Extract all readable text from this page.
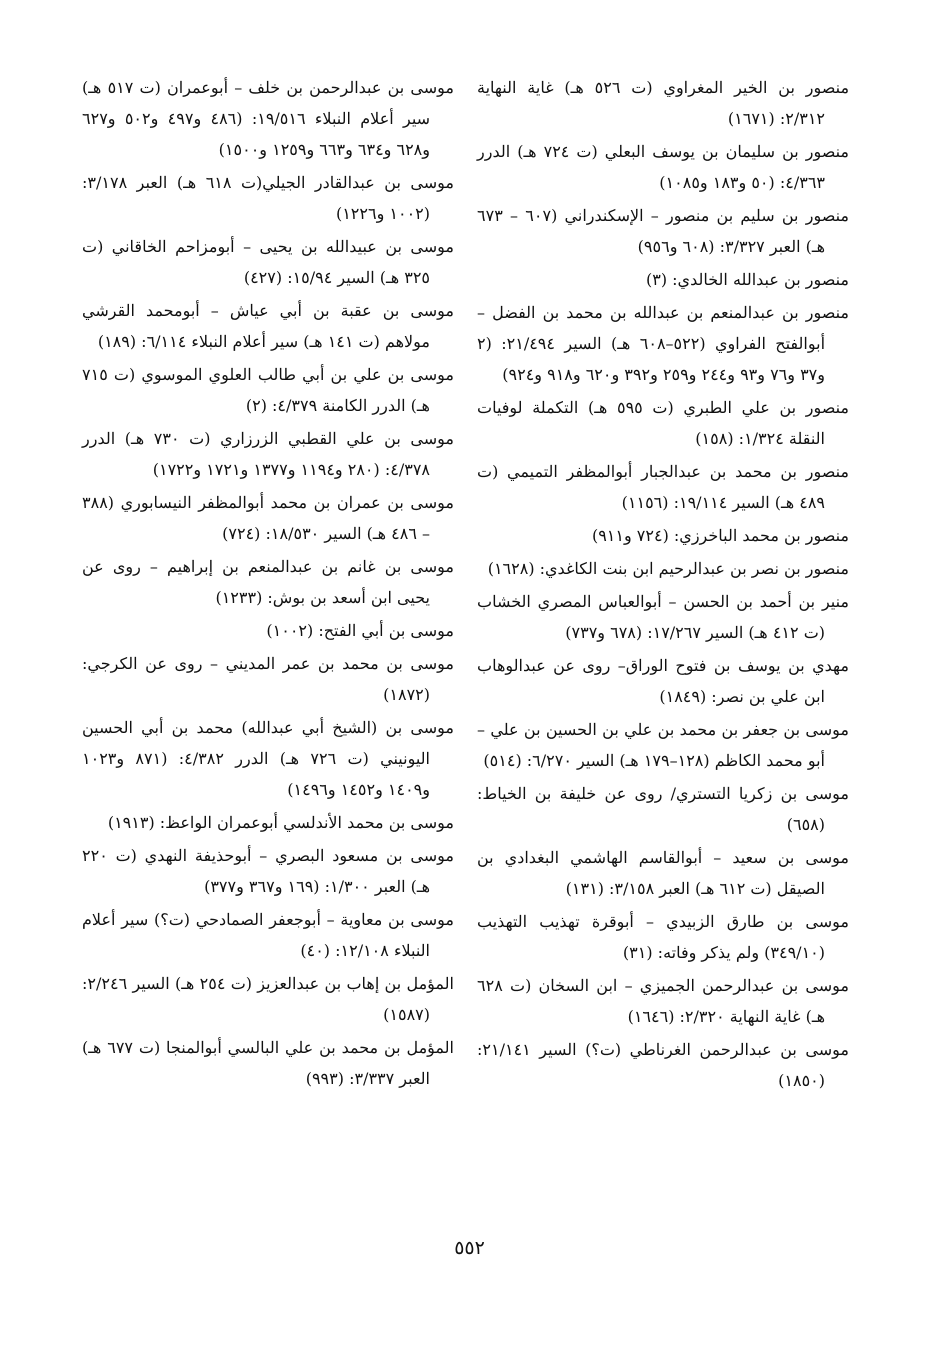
منصور بن الخير المغراوي (ت ٥٢٦ هـ) غاية النهاية ٢/٣١٢: (١٦٧١)

منصور بن سليمان بن يوسف البعلي (ت ٧٢٤ هـ) الدرر ٤/٣٦٣: (٥٠ و١٨٣ و١٠٨٥)

منصور بن سليم بن منصور – الإسكندراني (٦٠٧ – ٦٧٣ هـ) العبر ٣/٣٢٧: (٦٠٨ و٩٥٦)

منصور بن عبدالله الخالدي: (٣)

منصور بن عبدالمنعم بن عبدالله بن محمد بن الفضل – أبوالفتح الفراوي (٥٢٢–٦٠٨ هـ) السير ٢١/٤٩٤: (٢ و٣٧ و٧٦ و٩٣ و٢٤٤ و٢٥٩ و٣٩٢ و٦٢٠ و٩١٨ و٩٢٤)

منصور بن علي الطبري (ت ٥٩٥ هـ) التكملة لوفيات النقلة ١/٣٢٤: (١٥٨)

منصور بن محمد بن عبدالجبار أبوالمظفر التميمي (ت ٤٨٩ هـ) السير ١٩/١١٤: (١١٥٦)

منصور بن محمد الباخرزي: (٧٢٤ و٩١١)

منصور بن نصر بن عبدالرحيم ابن بنت الكاغدي: (١٦٢٨)

منير بن أحمد بن الحسن – أبوالعباس المصري الخشاب (ت ٤١٢ هـ) السير ١٧/٢٦٧: (٦٧٨ و٧٣٧)

مهدي بن يوسف بن فتوح الوراق– روى عن عبدالوهاب ابن علي بن نصر: (١٨٤٩)

موسى بن جعفر بن محمد بن علي بن الحسين بن علي – أبو محمد الكاظم (١٢٨–١٧٩ هـ) السير ٦/٢٧٠: (٥١٤)

موسى بن زكريا التستري/ روى عن خليفة بن الخياط: (٦٥٨)

موسى بن سعيد – أبوالقاسم الهاشمي البغدادي بن الصيقل (ت ٦١٢ هـ) العبر ٣/١٥٨: (١٣١)

موسى بن طارق الزبيدي – أبوقرة تهذيب التهذيب (٣٤٩/١٠) ولم يذكر وفاته: (٣١)

موسى بن عبدالرحمن الجميزي – ابن السخان (ت ٦٢٨ هـ) غاية النهاية ٢/٣٢٠: (١٦٤٦)

موسى بن عبدالرحمن الغرناطي (ت؟) السير ٢١/١٤١: (١٨٥٠)

موسى بن عبدالرحمن بن خلف – أبوعمران (ت ٥١٧ هـ) سير أعلام النبلاء ١٩/٥١٦: (٤٨٦ و٤٩٧ و٥٠٢ و٦٢٧ و٦٢٨ و٦٣٤ و٦٦٣ و١٢٥٩ و١٥٠٠)

موسى بن عبدالقادر الجيلي(ت ٦١٨ هـ) العبر ٣/١٧٨: (١٠٠٢ و١٢٢٦)

موسى بن عبيدالله بن يحيى – أبومزاحم الخاقاني (ت ٣٢٥ هـ) السير ١٥/٩٤: (٤٢٧)

موسى بن عقبة بن أبي عياش – أبومحمد القرشي مولاهم (ت ١٤١ هـ) سير أعلام النبلاء ٦/١١٤: (١٨٩)

موسى بن علي بن أبي طالب العلوي الموسوي (ت ٧١٥ هـ) الدرر الكامنة ٤/٣٧٩: (٢)

موسى بن علي القطبي الزرزاري (ت ٧٣٠ هـ) الدرر ٤/٣٧٨: (٢٨٠ و١١٩٤ و١٣٧٧ و١٧٢١ و١٧٢٢)

موسى بن عمران بن محمد أبوالمظفر النيسابوري (٣٨٨ – ٤٨٦ هـ) السير ١٨/٥٣٠: (٧٢٤)

موسى بن غانم بن عبدالمنعم بن إبراهيم – روى عن يحيى ابن أسعد بن بوش: (١٢٣٣)

موسى بن أبي الفتح: (١٠٠٢)

موسى بن محمد بن عمر المديني – روى عن الكرجي: (١٨٧٢)

موسى بن (الشيخ أبي عبدالله) محمد بن أبي الحسين اليونيني (ت ٧٢٦ هـ) الدرر ٤/٣٨٢: (٨٧١ و١٠٢٣ و١٤٠٩ و١٤٥٢ و١٤٩٦)

موسى بن محمد الأندلسي أبوعمران الواعظ: (١٩١٣)

موسى بن مسعود البصري – أبوحذيفة النهدي (ت ٢٢٠ هـ) العبر ١/٣٠٠: (١٦٩ و٣٦٧ و٣٧٧)

موسى بن معاوية – أبوجعفر الصمادحي (ت؟) سير أعلام النبلاء ١٢/١٠٨: (٤٠)

المؤمل بن إهاب بن عبدالعزيز (ت ٢٥٤ هـ) السير ٢/٢٤٦: (١٥٨٧)

المؤمل بن محمد بن علي البالسي أبوالمنجا (ت ٦٧٧ هـ) العبر ٣/٣٣٧: (٩٩٣)

٥٥٢
